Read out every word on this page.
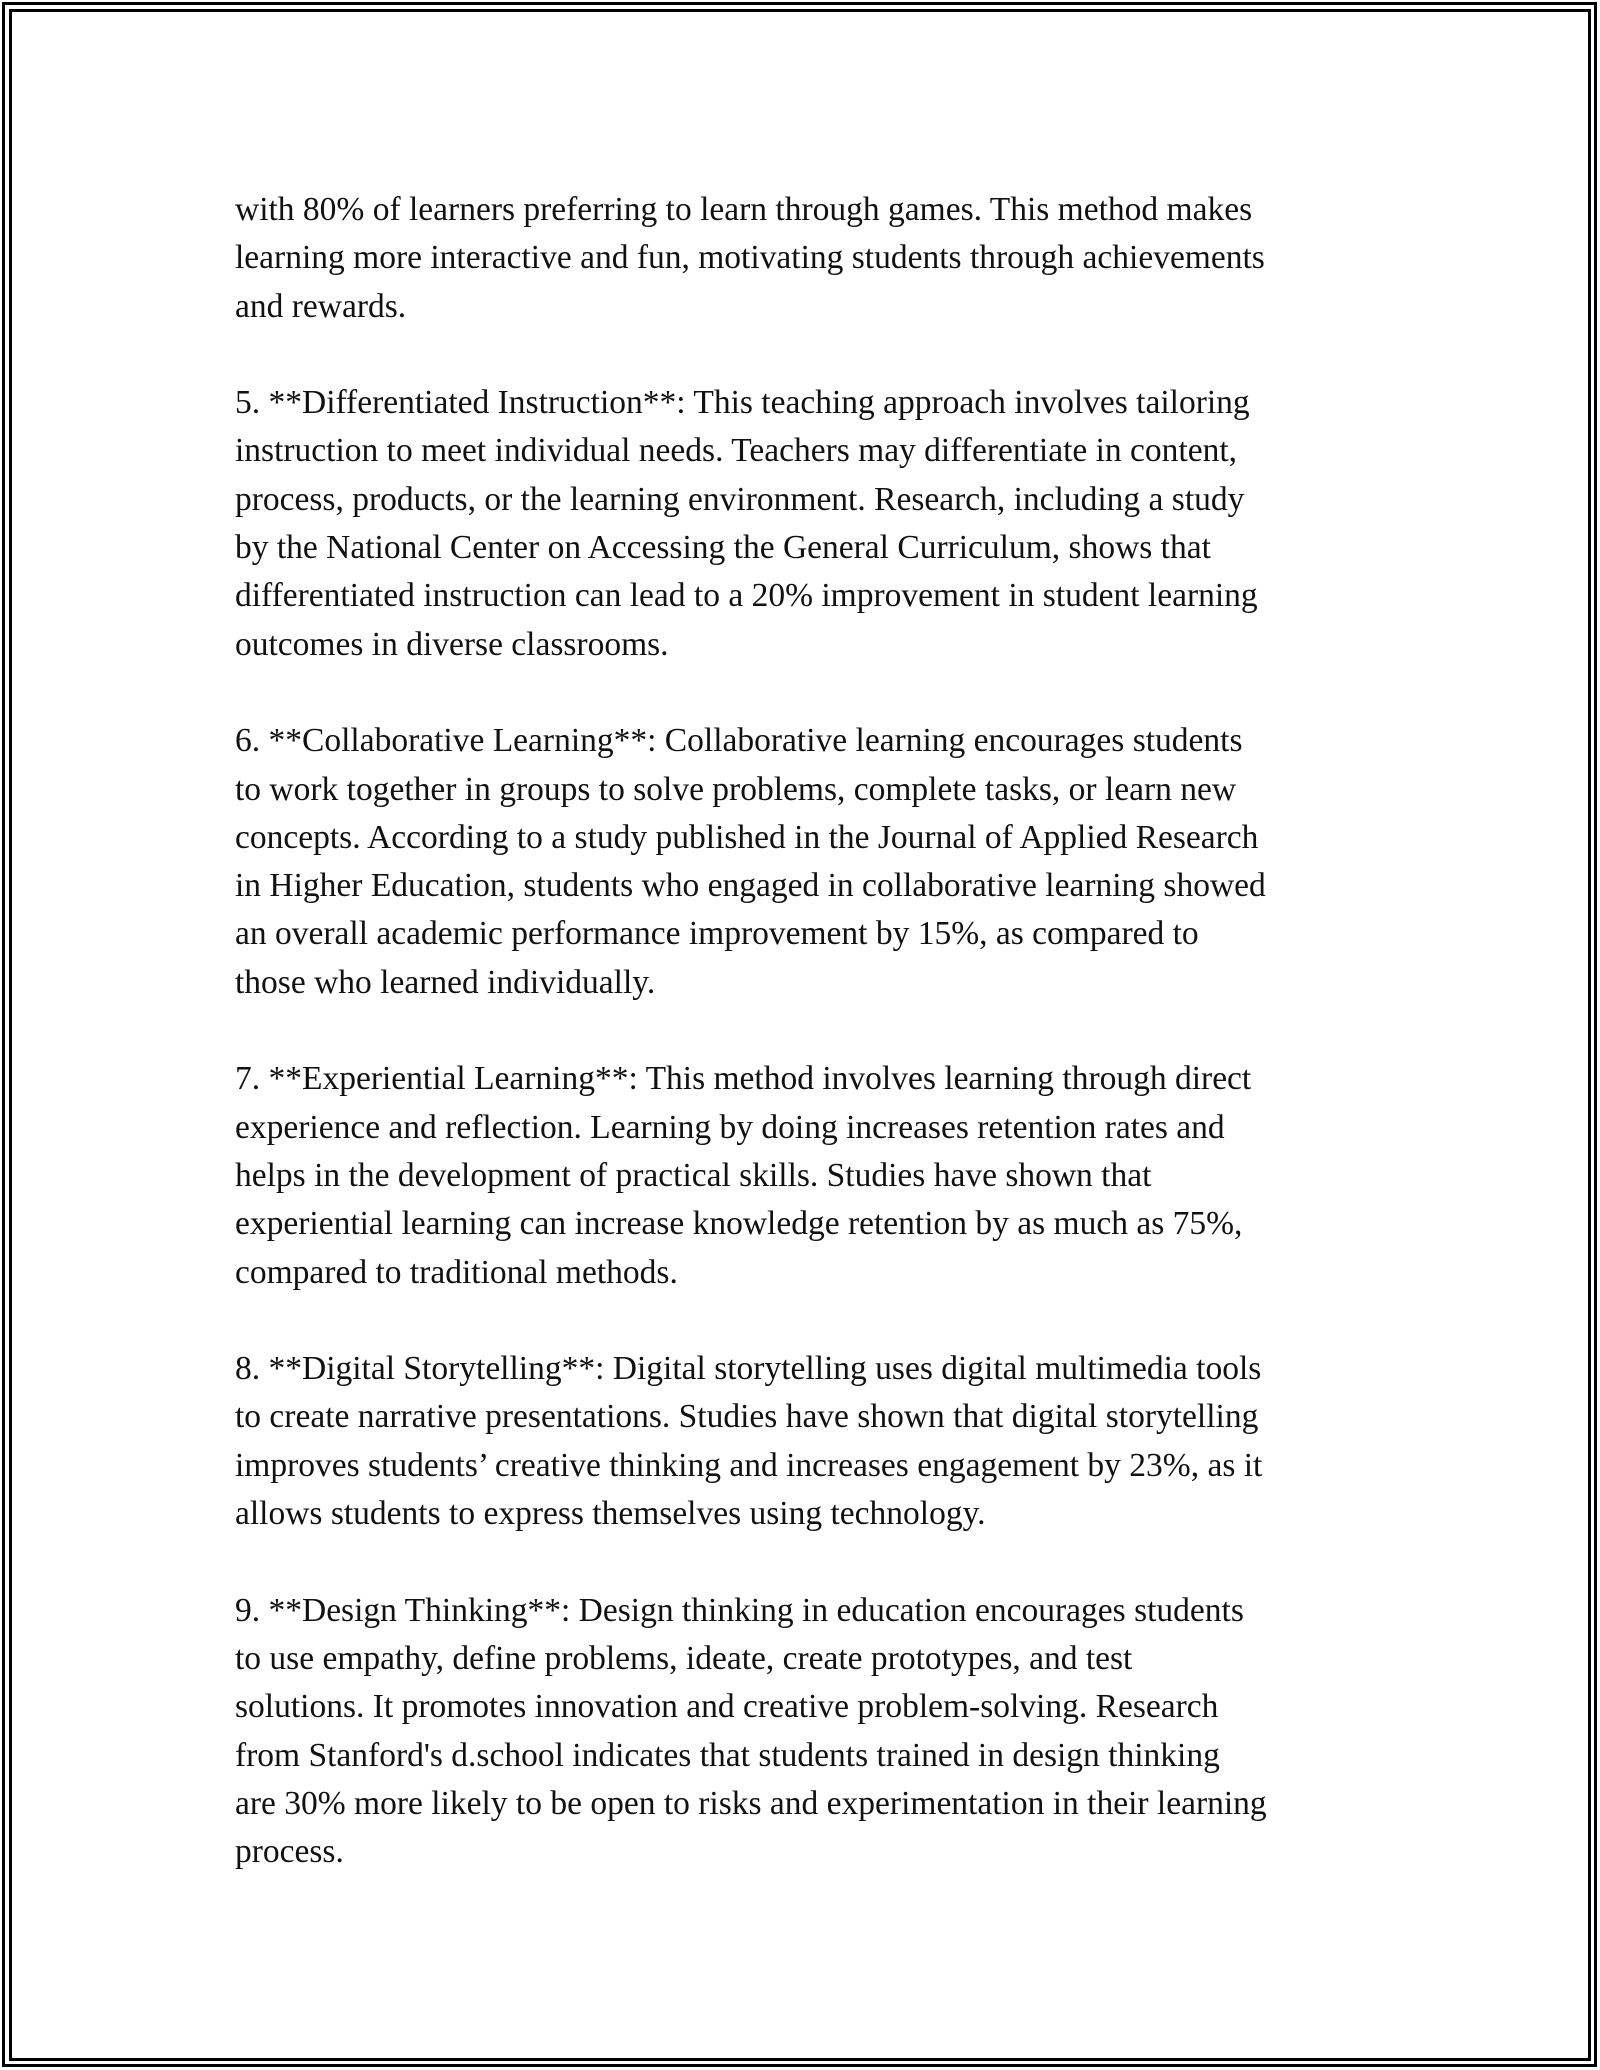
with 80% of learners preferring to learn through games. This method makes
learning more interactive and fun, motivating students through achievements
and rewards.

5. **Differentiated Instruction**: This teaching approach involves tailoring
instruction to meet individual needs. Teachers may differentiate in content,
process, products, or the learning environment. Research, including a study
by the National Center on Accessing the General Curriculum, shows that
differentiated instruction can lead to a 20% improvement in student learning
outcomes in diverse classrooms.

6. **Collaborative Learning**: Collaborative learning encourages students
to work together in groups to solve problems, complete tasks, or learn new
concepts. According to a study published in the Journal of Applied Research
in Higher Education, students who engaged in collaborative learning showed
an overall academic performance improvement by 15%, as compared to
those who learned individually.

7. **Experiential Learning**: This method involves learning through direct
experience and reflection. Learning by doing increases retention rates and
helps in the development of practical skills. Studies have shown that
experiential learning can increase knowledge retention by as much as 75%,
compared to traditional methods.

8. **Digital Storytelling**: Digital storytelling uses digital multimedia tools
to create narrative presentations. Studies have shown that digital storytelling
improves students’ creative thinking and increases engagement by 23%, as it
allows students to express themselves using technology.

9. **Design Thinking**: Design thinking in education encourages students
to use empathy, define problems, ideate, create prototypes, and test
solutions. It promotes innovation and creative problem-solving. Research
from Stanford's d.school indicates that students trained in design thinking
are 30% more likely to be open to risks and experimentation in their learning
process.
